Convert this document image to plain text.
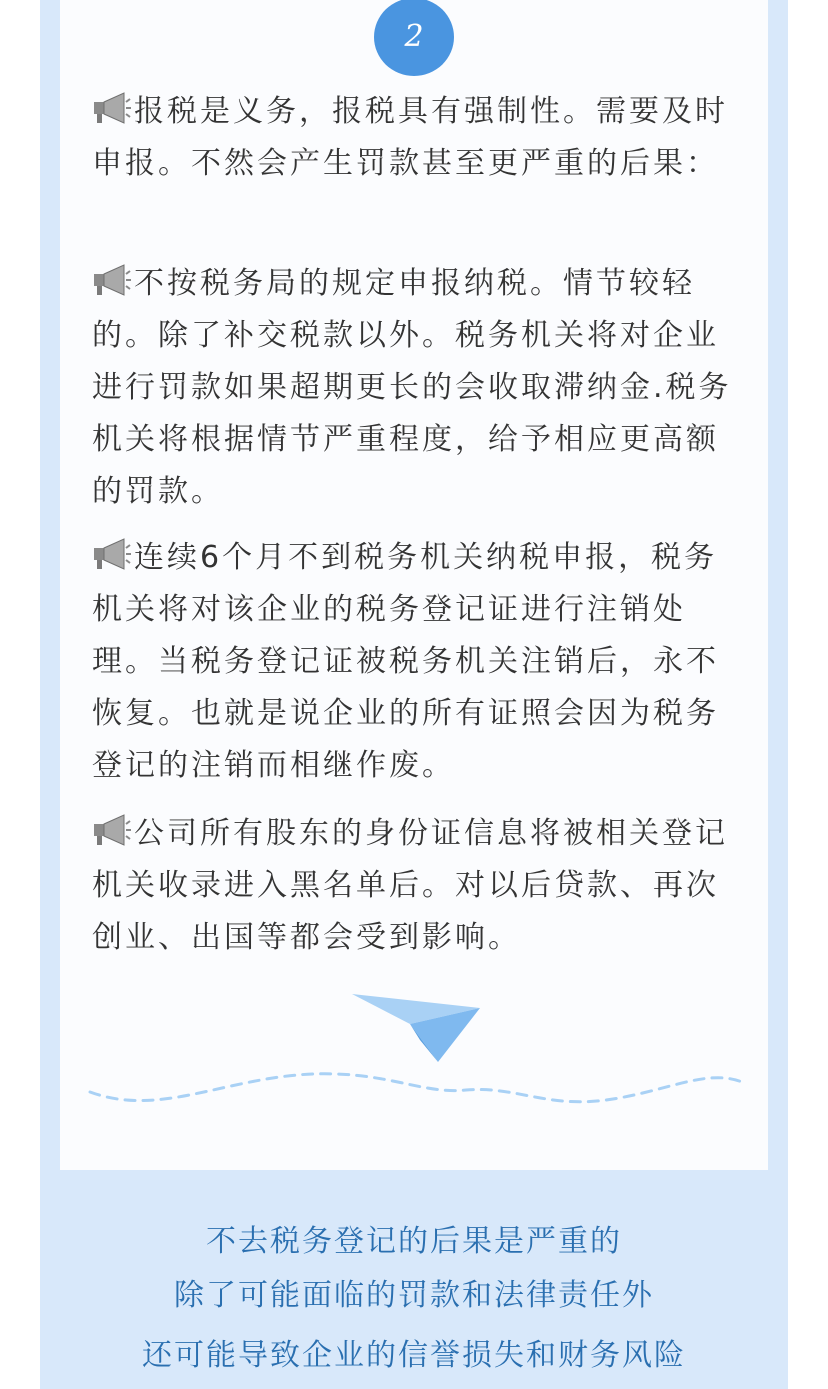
2

报税是义务，报税具有强制性。需要及时申报。不然会产生罚款甚至更严重的后果：

不按税务局的规定申报纳税。情节较轻的。除了补交税款以外。税务机关将对企业进行罚款如果超期更长的会收取滞纳金.税务机关将根据情节严重程度，给予相应更高额的罚款。

连续6个月不到税务机关纳税申报，税务机关将对该企业的税务登记证进行注销处理。当税务登记证被税务机关注销后，永不恢复。也就是说企业的所有证照会因为税务登记的注销而相继作废。

公司所有股东的身份证信息将被相关登记机关收录进入黑名单后。对以后贷款、再次创业、出国等都会受到影响。

不去税务登记的后果是严重的

除了可能面临的罚款和法律责任外

还可能导致企业的信誉损失和财务风险
